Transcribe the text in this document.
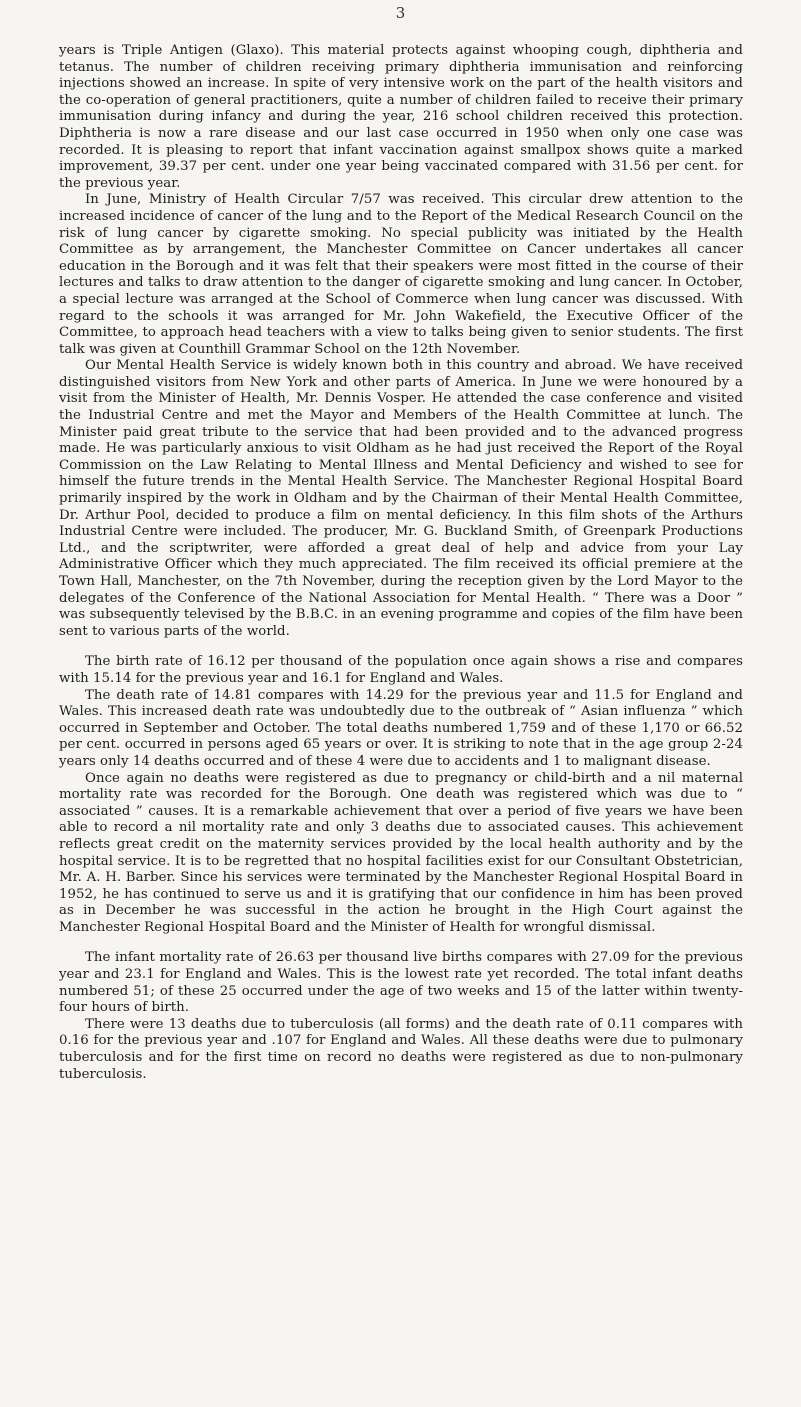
3

years is Triple Antigen (Glaxo). This material protects against whooping cough, diphtheria and tetanus. The number of children receiving primary diphtheria immunisation and reinforcing injections showed an increase. In spite of very intensive work on the part of the health visitors and the co-operation of general practitioners, quite a number of children failed to receive their primary immunisation during infancy and during the year, 216 school children received this protection. Diphtheria is now a rare disease and our last case occurred in 1950 when only one case was recorded. It is pleasing to report that infant vaccination against smallpox shows quite a marked improvement, 39.37 per cent. under one year being vaccinated compared with 31.56 per cent. for the previous year.

In June, Ministry of Health Circular 7/57 was received. This circular drew attention to the increased incidence of cancer of the lung and to the Report of the Medical Research Council on the risk of lung cancer by cigarette smoking. No special publicity was initiated by the Health Committee as by arrangement, the Manchester Committee on Cancer undertakes all cancer education in the Borough and it was felt that their speakers were most fitted in the course of their lectures and talks to draw attention to the danger of cigarette smoking and lung cancer. In October, a special lecture was arranged at the School of Commerce when lung cancer was discussed. With regard to the schools it was arranged for Mr. John Wakefield, the Executive Officer of the Committee, to approach head teachers with a view to talks being given to senior students. The first talk was given at Counthill Grammar School on the 12th November.

Our Mental Health Service is widely known both in this country and abroad. We have received distinguished visitors from New York and other parts of America. In June we were honoured by a visit from the Minister of Health, Mr. Dennis Vosper. He attended the case conference and visited the Industrial Centre and met the Mayor and Members of the Health Committee at lunch. The Minister paid great tribute to the service that had been provided and to the advanced progress made. He was particularly anxious to visit Oldham as he had just received the Report of the Royal Commission on the Law Relating to Mental Illness and Mental Deficiency and wished to see for himself the future trends in the Mental Health Service. The Manchester Regional Hospital Board primarily inspired by the work in Oldham and by the Chairman of their Mental Health Committee, Dr. Arthur Pool, decided to produce a film on mental deficiency. In this film shots of the Arthurs Industrial Centre were included. The producer, Mr. G. Buckland Smith, of Greenpark Productions Ltd., and the scriptwriter, were afforded a great deal of help and advice from your Lay Administrative Officer which they much appreciated. The film received its official premiere at the Town Hall, Manchester, on the 7th November, during the reception given by the Lord Mayor to the delegates of the Conference of the National Association for Mental Health. “ There was a Door ” was subsequently televised by the B.B.C. in an evening programme and copies of the film have been sent to various parts of the world.

The birth rate of 16.12 per thousand of the population once again shows a rise and compares with 15.14 for the previous year and 16.1 for England and Wales.

The death rate of 14.81 compares with 14.29 for the previous year and 11.5 for England and Wales. This increased death rate was undoubtedly due to the outbreak of “ Asian influenza ” which occurred in September and October. The total deaths numbered 1,759 and of these 1,170 or 66.52 per cent. occurred in persons aged 65 years or over. It is striking to note that in the age group 2-24 years only 14 deaths occurred and of these 4 were due to accidents and 1 to malignant disease.

Once again no deaths were registered as due to pregnancy or child-birth and a nil maternal mortality rate was recorded for the Borough. One death was registered which was due to “ associated ” causes. It is a remarkable achievement that over a period of five years we have been able to record a nil mortality rate and only 3 deaths due to associated causes. This achievement reflects great credit on the maternity services provided by the local health authority and by the hospital service. It is to be regretted that no hospital facilities exist for our Consultant Obstetrician, Mr. A. H. Barber. Since his services were terminated by the Manchester Regional Hospital Board in 1952, he has continued to serve us and it is gratifying that our confidence in him has been proved as in December he was successful in the action he brought in the High Court against the Manchester Regional Hospital Board and the Minister of Health for wrongful dismissal.

The infant mortality rate of 26.63 per thousand live births compares with 27.09 for the previous year and 23.1 for England and Wales. This is the lowest rate yet recorded. The total infant deaths numbered 51; of these 25 occurred under the age of two weeks and 15 of the latter within twenty-four hours of birth.

There were 13 deaths due to tuberculosis (all forms) and the death rate of 0.11 compares with 0.16 for the previous year and .107 for England and Wales. All these deaths were due to pulmonary tuberculosis and for the first time on record no deaths were registered as due to non-pulmonary tuberculosis.
